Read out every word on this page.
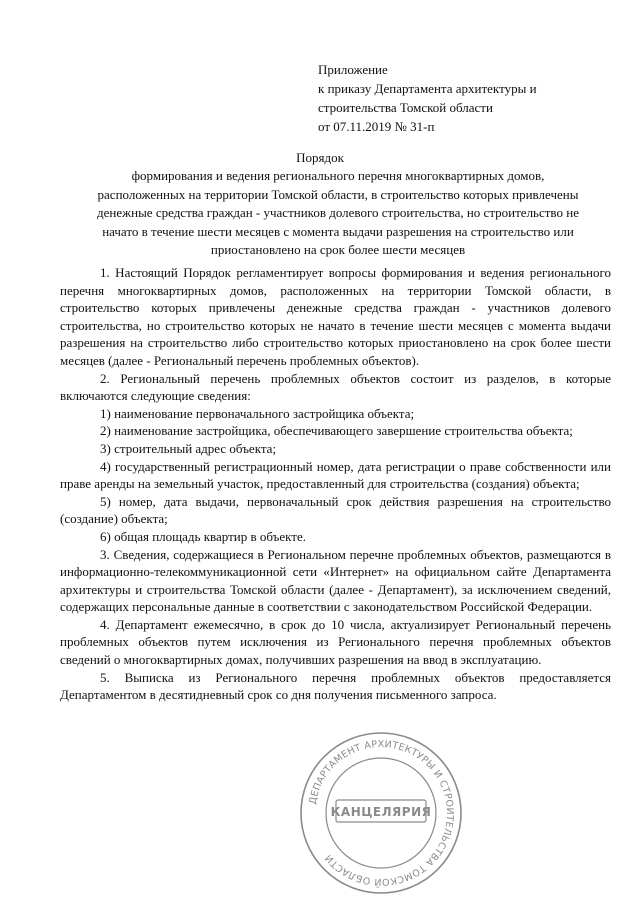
Приложение
к приказу Департамента архитектуры и
строительства Томской области
от 07.11.2019 № 31-п
Порядок
формирования и ведения регионального перечня многоквартирных домов,
расположенных на территории Томской области, в строительство которых привлечены
денежные средства граждан - участников долевого строительства, но строительство не
начато в течение шести месяцев с момента выдачи разрешения на строительство или
приостановлено на срок более шести месяцев

1. Настоящий Порядок регламентирует вопросы формирования и ведения регионального перечня многоквартирных домов, расположенных на территории Томской области, в строительство которых привлечены денежные средства граждан - участников долевого строительства, но строительство которых не начато в течение шести месяцев с момента выдачи разрешения на строительство либо строительство которых приостановлено на срок более шести месяцев (далее - Региональный перечень проблемных объектов).

2. Региональный перечень проблемных объектов состоит из разделов, в которые включаются следующие сведения:

1) наименование первоначального застройщика объекта;

2) наименование застройщика, обеспечивающего завершение строительства объекта;

3) строительный адрес объекта;

4) государственный регистрационный номер, дата регистрации о праве собственности или праве аренды на земельный участок, предоставленный для строительства (создания) объекта;

5) номер, дата выдачи, первоначальный срок действия разрешения на строительство (создание) объекта;

6) общая площадь квартир в объекте.

3. Сведения, содержащиеся в Региональном перечне проблемных объектов, размещаются в информационно-телекоммуникационной сети «Интернет» на официальном сайте Департамента архитектуры и строительства Томской области (далее - Департамент), за исключением сведений, содержащих персональные данные в соответствии с законодательством Российской Федерации.

4. Департамент ежемесячно, в срок до 10 числа, актуализирует Региональный перечень проблемных объектов путем исключения из Регионального перечня проблемных объектов сведений о многоквартирных домах, получивших разрешения на ввод в эксплуатацию.

5. Выписка из Регионального перечня проблемных объектов предоставляется Департаментом в десятидневный срок со дня получения письменного запроса.

ДЕПАРТАМЕНТ АРХИТЕКТУРЫ И СТРОИТЕЛЬСТВА ТОМСКОЙ ОБЛАСТИ
КАНЦЕЛЯРИЯ
